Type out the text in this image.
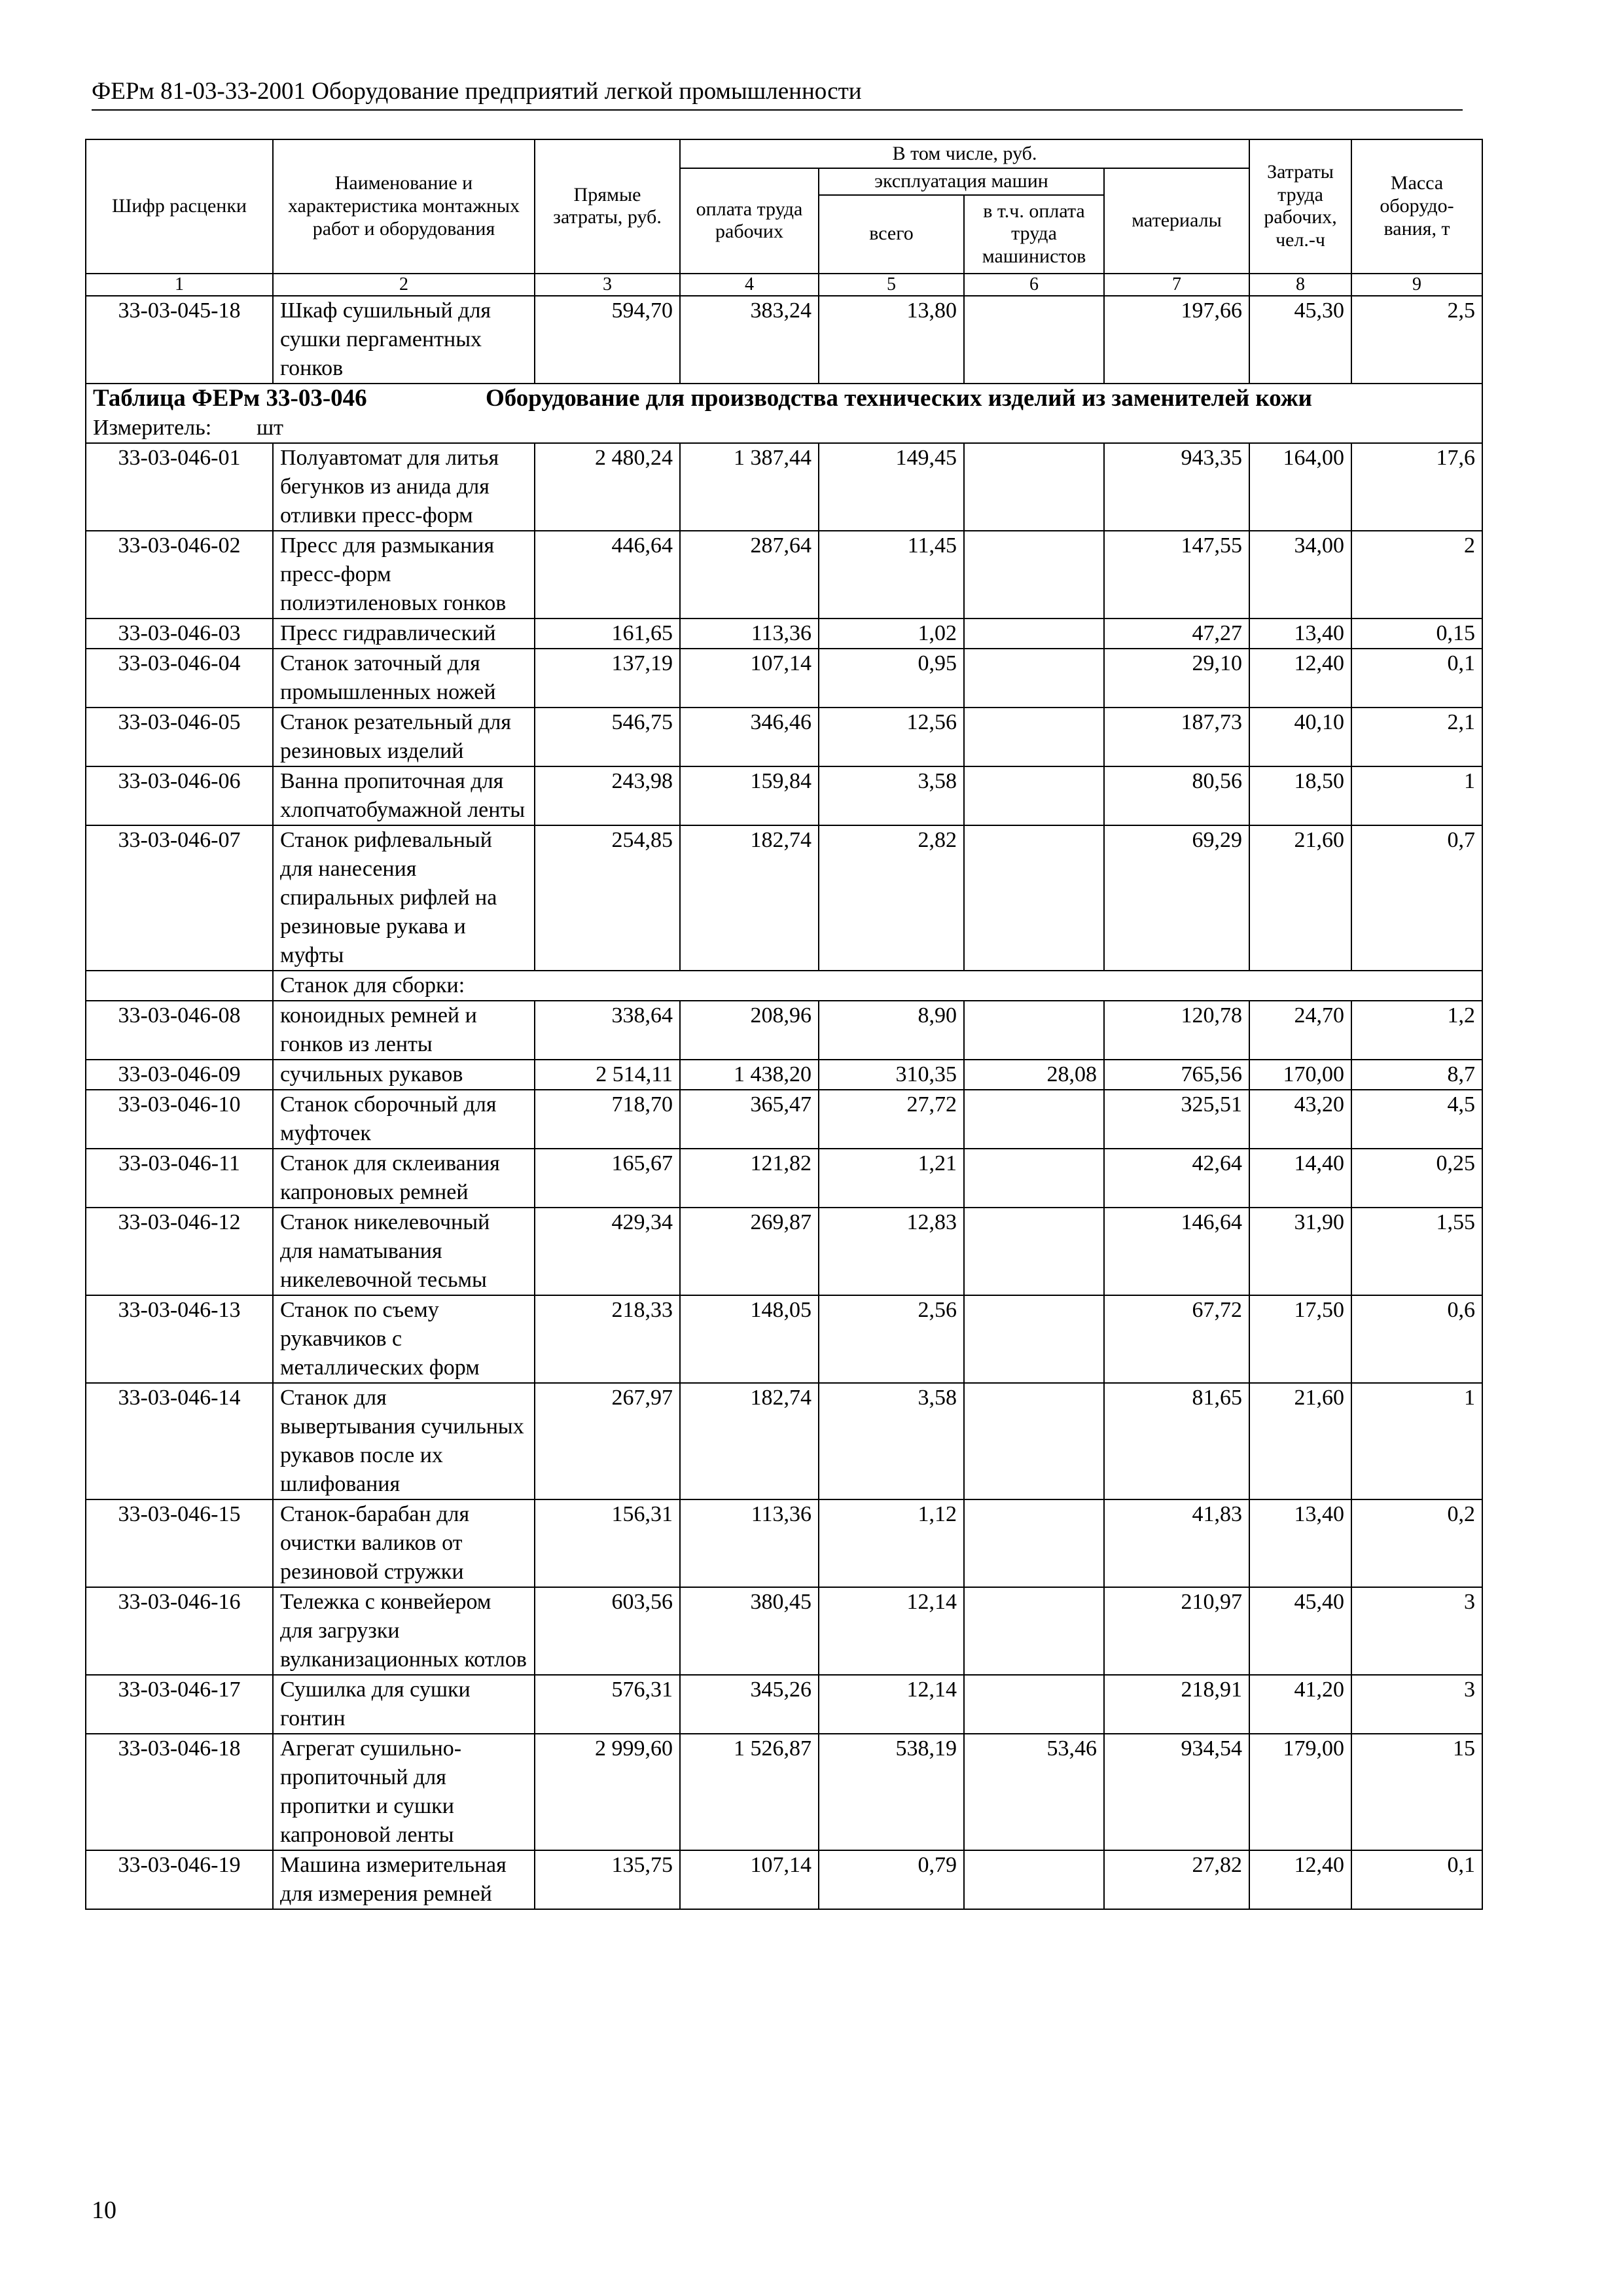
ФЕРм 81-03-33-2001 Оборудование предприятий легкой промышленности
Шифр расценки	Наименование и характеристика монтажных работ и оборудования	Прямые затраты, руб.	В том числе, руб.				Затраты труда рабочих, чел.-ч	Масса оборудо-вания, т
			оплата труда рабочих	эксплуатация машин		материалы		
				всего	в т.ч. оплата труда машинистов			
1	2	3	4	5	6	7	8	9
33-03-045-18	Шкаф сушильный для сушки пергаментных гонков	594,70	383,24	13,80		197,66	45,30	2,5
Таблица ФЕРм 33-03-046 Оборудование для производства технических изделий из заменителей кожи								
Измеритель: шт								
33-03-046-01	Полуавтомат для литья бегунков из анида для отливки пресс-форм	2 480,24	1 387,44	149,45		943,35	164,00	17,6
33-03-046-02	Пресс для размыкания пресс-форм полиэтиленовых гонков	446,64	287,64	11,45		147,55	34,00	2
33-03-046-03	Пресс гидравлический	161,65	113,36	1,02		47,27	13,40	0,15
33-03-046-04	Станок заточный для промышленных ножей	137,19	107,14	0,95		29,10	12,40	0,1
33-03-046-05	Станок резательный для резиновых изделий	546,75	346,46	12,56		187,73	40,10	2,1
33-03-046-06	Ванна пропиточная для хлопчатобумажной ленты	243,98	159,84	3,58		80,56	18,50	1
33-03-046-07	Станок рифлевальный для нанесения спиральных рифлей на резиновые рукава и муфты	254,85	182,74	2,82		69,29	21,60	0,7
	Станок для сборки:							
33-03-046-08	коноидных ремней и гонков из ленты	338,64	208,96	8,90		120,78	24,70	1,2
33-03-046-09	сучильных рукавов	2 514,11	1 438,20	310,35	28,08	765,56	170,00	8,7
33-03-046-10	Станок сборочный для муфточек	718,70	365,47	27,72		325,51	43,20	4,5
33-03-046-11	Станок для склеивания капроновых ремней	165,67	121,82	1,21		42,64	14,40	0,25
33-03-046-12	Станок никелевочный для наматывания никелевочной тесьмы	429,34	269,87	12,83		146,64	31,90	1,55
33-03-046-13	Станок по съему рукавчиков с металлических форм	218,33	148,05	2,56		67,72	17,50	0,6
33-03-046-14	Станок для вывертывания сучильных рукавов после их шлифования	267,97	182,74	3,58		81,65	21,60	1
33-03-046-15	Станок-барабан для очистки валиков от резиновой стружки	156,31	113,36	1,12		41,83	13,40	0,2
33-03-046-16	Тележка с конвейером для загрузки вулканизационных котлов	603,56	380,45	12,14		210,97	45,40	3
33-03-046-17	Сушилка для сушки гонтин	576,31	345,26	12,14		218,91	41,20	3
33-03-046-18	Агрегат сушильно-пропиточный для пропитки и сушки капроновой ленты	2 999,60	1 526,87	538,19	53,46	934,54	179,00	15
33-03-046-19	Машина измерительная для измерения ремней	135,75	107,14	0,79		27,82	12,40	0,1
10
